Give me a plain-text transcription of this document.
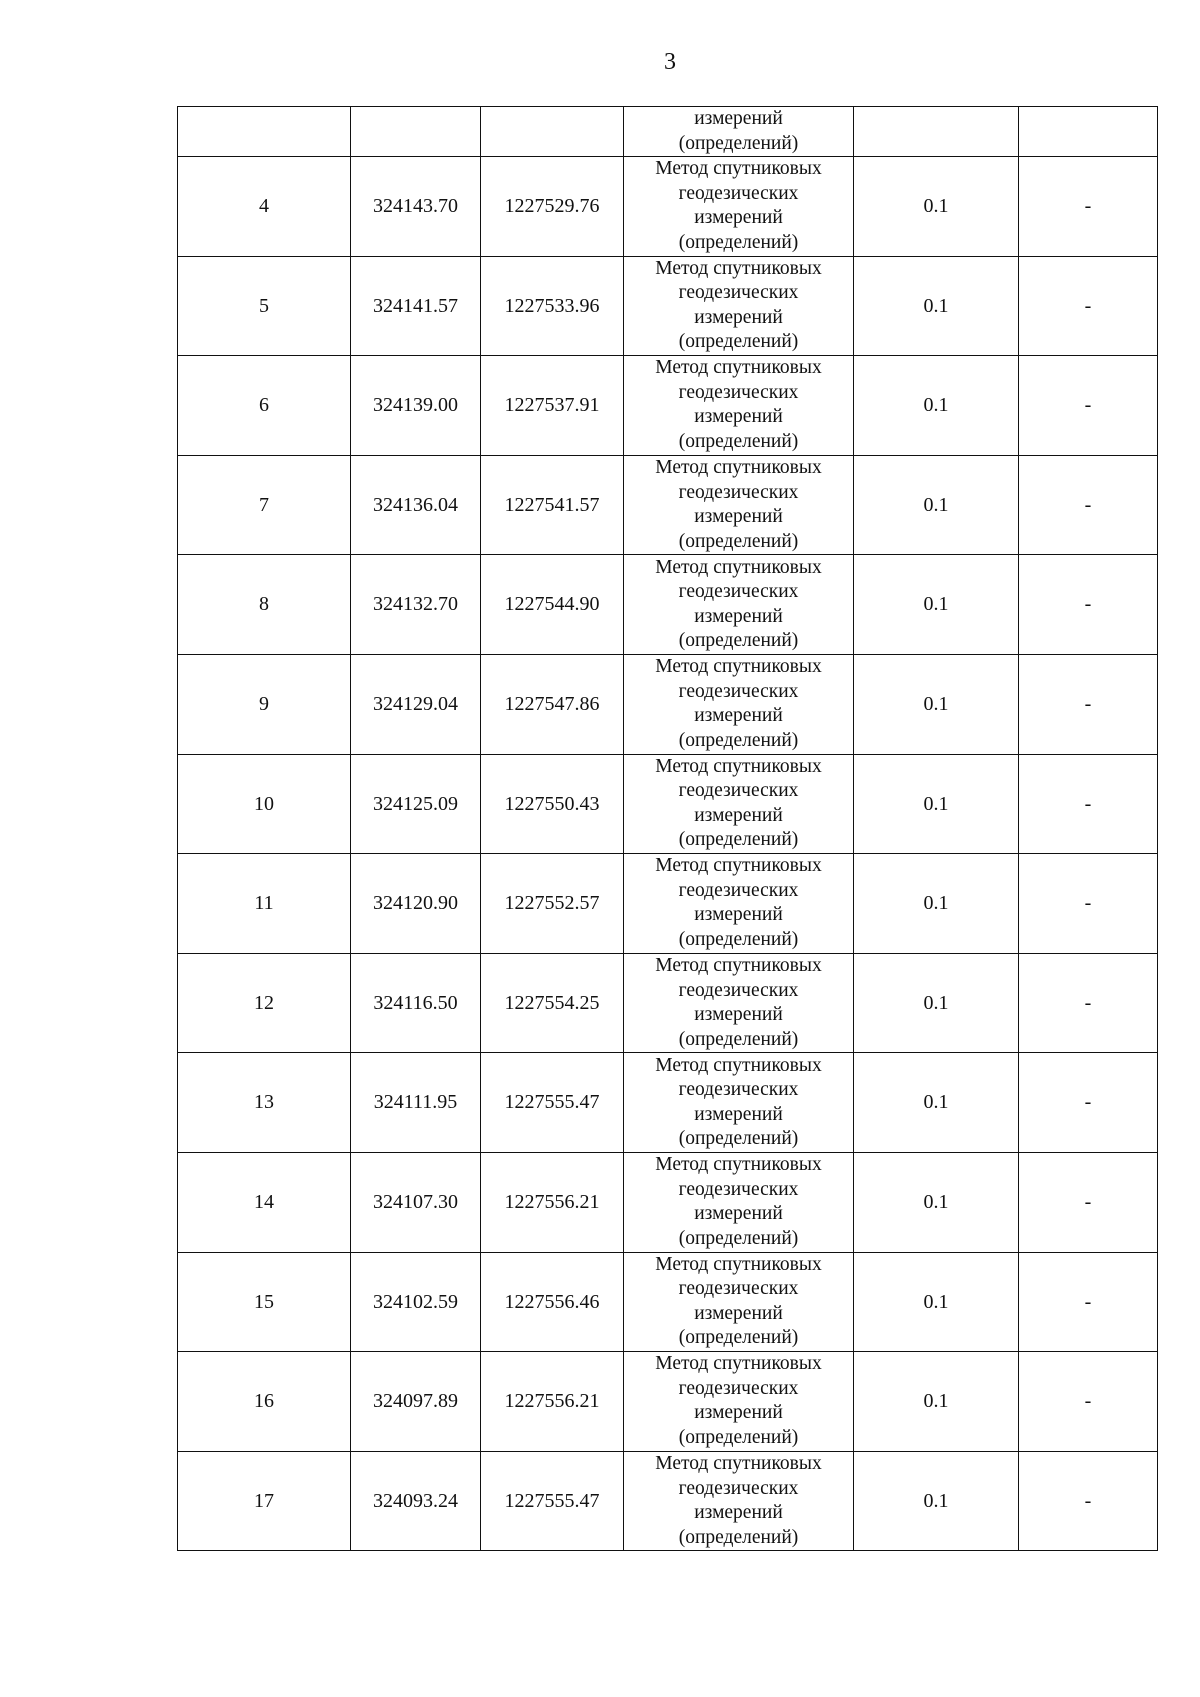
3

			измерений
(определений)		

4	324143.70	1227529.76	Метод спутниковых
геодезических
измерений
(определений)	0.1	-
5	324141.57	1227533.96	Метод спутниковых
геодезических
измерений
(определений)	0.1	-
6	324139.00	1227537.91	Метод спутниковых
геодезических
измерений
(определений)	0.1	-
7	324136.04	1227541.57	Метод спутниковых
геодезических
измерений
(определений)	0.1	-
8	324132.70	1227544.90	Метод спутниковых
геодезических
измерений
(определений)	0.1	-
9	324129.04	1227547.86	Метод спутниковых
геодезических
измерений
(определений)	0.1	-
10	324125.09	1227550.43	Метод спутниковых
геодезических
измерений
(определений)	0.1	-
11	324120.90	1227552.57	Метод спутниковых
геодезических
измерений
(определений)	0.1	-
12	324116.50	1227554.25	Метод спутниковых
геодезических
измерений
(определений)	0.1	-
13	324111.95	1227555.47	Метод спутниковых
геодезических
измерений
(определений)	0.1	-
14	324107.30	1227556.21	Метод спутниковых
геодезических
измерений
(определений)	0.1	-
15	324102.59	1227556.46	Метод спутниковых
геодезических
измерений
(определений)	0.1	-
16	324097.89	1227556.21	Метод спутниковых
геодезических
измерений
(определений)	0.1	-
17	324093.24	1227555.47	Метод спутниковых
геодезических
измерений
(определений)	0.1	-
